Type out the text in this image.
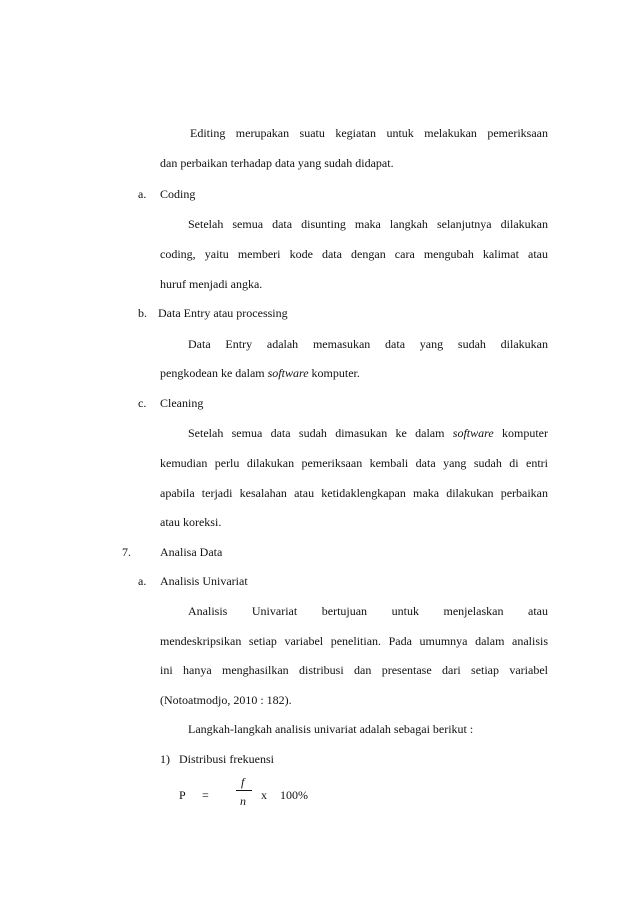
Editing merupakan suatu kegiatan untuk melakukan pemeriksaan
dan perbaikan terhadap data yang sudah didapat.
a. Coding
Setelah semua data disunting maka langkah selanjutnya dilakukan
coding, yaitu memberi kode data dengan cara mengubah kalimat atau
huruf menjadi angka.
b. Data Entry atau processing
Data Entry adalah memasukan data yang sudah dilakukan
pengkodean ke dalam software komputer.
c. Cleaning
Setelah semua data sudah dimasukan ke dalam software komputer
kemudian perlu dilakukan pemeriksaan kembali data yang sudah di entri
apabila terjadi kesalahan atau ketidaklengkapan maka dilakukan perbaikan
atau koreksi.
7. Analisa Data
a. Analisis Univariat
Analisis Univariat bertujuan untuk menjelaskan atau
mendeskripsikan setiap variabel penelitian. Pada umumnya dalam analisis
ini hanya menghasilkan distribusi dan presentase dari setiap variabel
(Notoatmodjo, 2010 : 182).
Langkah-langkah analisis univariat adalah sebagai berikut :
1) Distribusi frekuensi
P =
f
n x 100%
